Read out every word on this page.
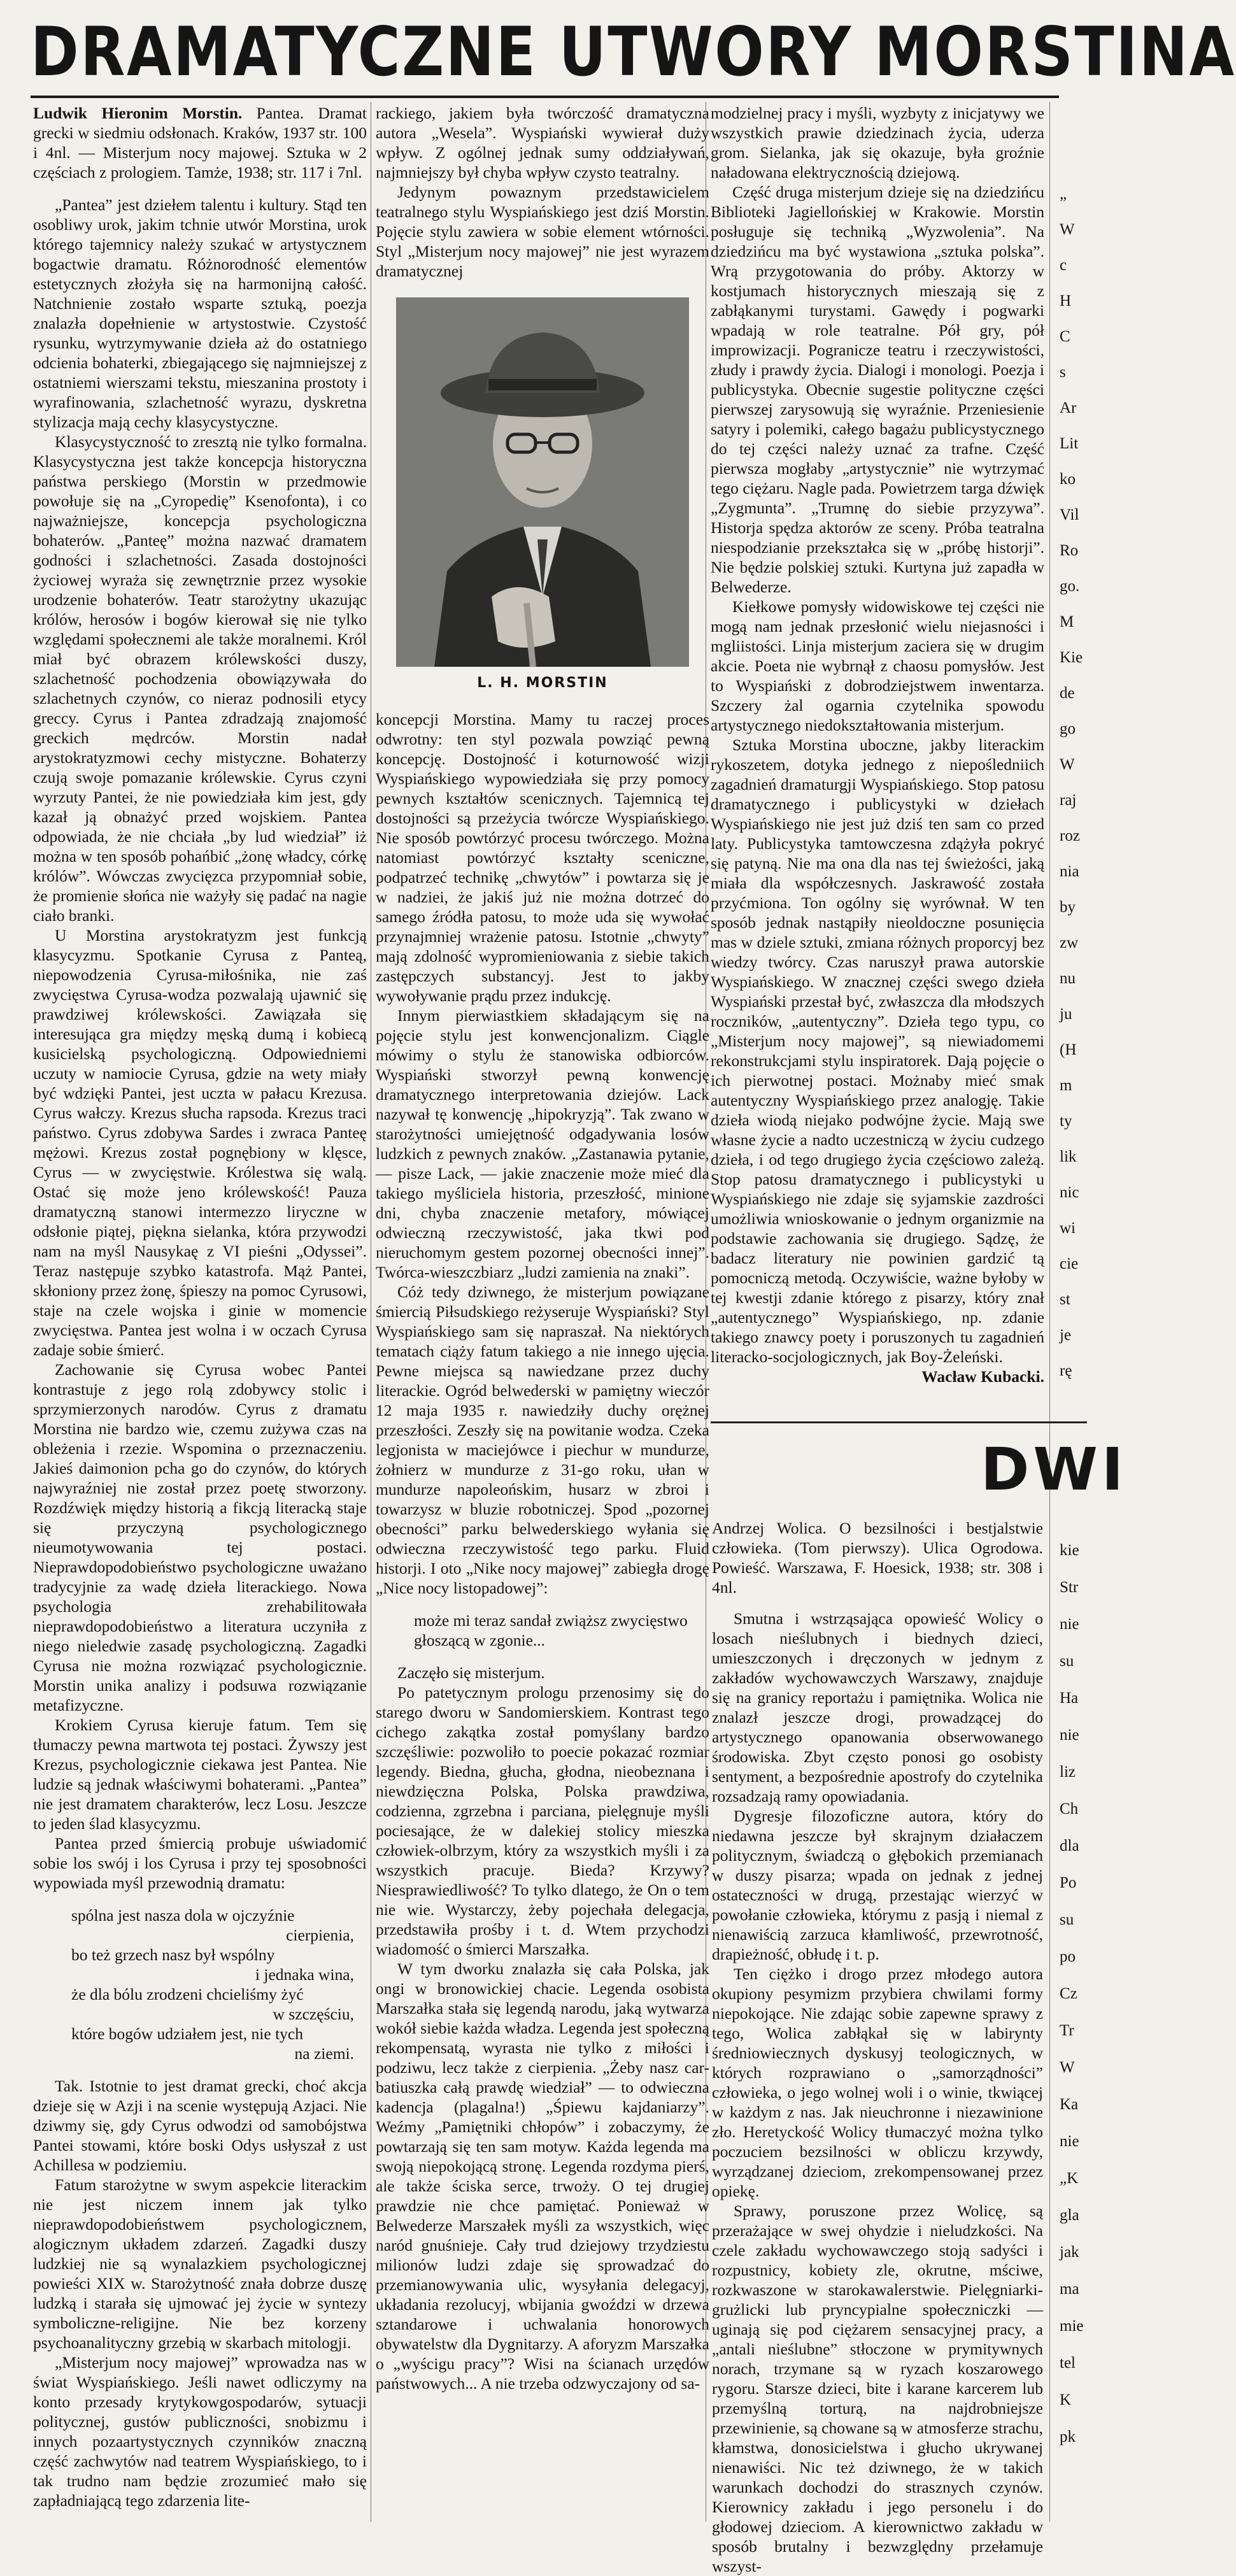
DRAMATYCZNE UTWORY MORSTINA

Ludwik Hieronim Morstin. Pantea. Dramat grecki w siedmiu odsłonach. Kraków, 1937 str. 100 i 4nl. — Misterjum nocy majowej. Sztuka w 2 częściach z prologiem. Tamże, 1938; str. 117 i 7nl.

„Pantea” jest dziełem talentu i kultury. Stąd ten osobliwy urok, jakim tchnie utwór Morstina, urok którego tajemnicy należy szukać w artystycznem bogactwie dramatu. Różnorodność elementów estetycznych złożyła się na harmonijną całość. Natchnienie zostało wsparte sztuką, poezja znalazła dopełnienie w artystostwie. Czystość rysunku, wytrzymywanie dzieła aż do ostatniego odcienia bohaterki, zbiegającego się najmniejszej z ostatniemi wierszami tekstu, mieszanina prostoty i wyrafinowania, szlachetność wyrazu, dyskretna stylizacja mają cechy klasycystyczne.

Klasycystyczność to zresztą nie tylko formalna. Klasycystyczna jest także koncepcja historyczna państwa perskiego (Morstin w przedmowie powołuje się na „Cyropedię” Ksenofonta), i co najważniejsze, koncepcja psychologiczna bohaterów. „Panteę” można nazwać dramatem godności i szlachetności. Zasada dostojności życiowej wyraża się zewnętrznie przez wysokie urodzenie bohaterów. Teatr starożytny ukazując królów, herosów i bogów kierował się nie tylko względami społecznemi ale także moralnemi. Król miał być obrazem królewskości duszy, szlachetność pochodzenia obowiązywała do szlachetnych czynów, co nieraz podnosili etycy greccy. Cyrus i Pantea zdradzają znajomość greckich mędrców. Morstin nadał arystokratyzmowi cechy mistyczne. Bohaterzy czują swoje pomazanie królewskie. Cyrus czyni wyrzuty Pantei, że nie powiedziała kim jest, gdy kazał ją obnażyć przed wojskiem. Pantea odpowiada, że nie chciała „by lud wiedział” iż można w ten sposób pohańbić „żonę władcy, córkę królów”. Wówczas zwycięzca przypomniał sobie, że promienie słońca nie ważyły się padać na nagie ciało branki.

U Morstina arystokratyzm jest funkcją klasycyzmu. Spotkanie Cyrusa z Panteą, niepowodzenia Cyrusa-miłośnika, nie zaś zwycięstwa Cyrusa-wodza pozwalają ujawnić się prawdziwej królewskości. Zawiązała się interesująca gra między męską dumą i kobiecą kusicielską psychologiczną. Odpowiedniemi uczuty w namiocie Cyrusa, gdzie na wety miały być wdzięki Pantei, jest uczta w pałacu Krezusa. Cyrus wałczy. Krezus słucha rapsoda. Krezus traci państwo. Cyrus zdobywa Sardes i zwraca Panteę mężowi. Krezus został pognębiony w klęsce, Cyrus — w zwycięstwie. Królestwa się walą. Ostać się może jeno królewskość! Pauza dramatyczną stanowi intermezzo liryczne w odsłonie piątej, piękna sielanka, która przywodzi nam na myśl Nausykaę z VI pieśni „Odyssei”. Teraz następuje szybko katastrofa. Mąż Pantei, skłoniony przez żonę, śpieszy na pomoc Cyrusowi, staje na czele wojska i ginie w momencie zwycięstwa. Pantea jest wolna i w oczach Cyrusa zadaje sobie śmierć.

Zachowanie się Cyrusa wobec Pantei kontrastuje z jego rolą zdobywcy stolic i sprzymierzonych narodów. Cyrus z dramatu Morstina nie bardzo wie, czemu zużywa czas na obleżenia i rzezie. Wspomina o przeznaczeniu. Jakieś daimonion pcha go do czynów, do których najwyraźniej nie został przez poetę stworzony. Rozdźwięk między historią a fikcją literacką staje się przyczyną psychologicznego nieumotywowania tej postaci. Nieprawdopodobieństwo psychologiczne uważano tradycyjnie za wadę dzieła literackiego. Nowa psychologia zrehabilitowała nieprawdopodobieństwo a literatura uczyniła z niego nieledwie zasadę psychologiczną. Zagadki Cyrusa nie można rozwiązać psychologicznie. Morstin unika analizy i podsuwa rozwiązanie metafizyczne.

Krokiem Cyrusa kieruje fatum. Tem się tłumaczy pewna martwota tej postaci. Żywszy jest Krezus, psychologicznie ciekawa jest Pantea. Nie ludzie są jednak właściwymi bohaterami. „Pantea” nie jest dramatem charakterów, lecz Losu. Jeszcze to jeden ślad klasycyzmu.

Pantea przed śmiercią probuje uświadomić sobie los swój i los Cyrusa i przy tej sposobności wypowiada myśl przewodnią dramatu:

spólna jest nasza dola w ojczyźnie
cierpienia,
bo też grzech nasz był wspólny
i jednaka wina,
że dla bólu zrodzeni chcieliśmy żyć
w szczęściu,
które bogów udziałem jest, nie tych
na ziemi.

Tak. Istotnie to jest dramat grecki, choć akcja dzieje się w Azji i na scenie występują Azjaci. Nie dziwmy się, gdy Cyrus odwodzi od samobójstwa Pantei stowami, które boski Odys usłyszał z ust Achillesa w podziemiu.

Fatum starożytne w swym aspekcie literackim nie jest niczem innem jak tylko nieprawdopodobieństwem psychologicznem, alogicznym układem zdarzeń. Zagadki duszy ludzkiej nie są wynalazkiem psychologicznej powieści XIX w. Starożytność znała dobrze duszę ludzką i starała się ujmować jej życie w syntezy symboliczne-religijne. Nie bez korzeny psychoanalityczny grzebią w skarbach mitologji.

„Misterjum nocy majowej” wprowadza nas w świat Wyspiańskiego. Jeśli nawet odliczymy na konto przesady krytykowgospodarów, sytuacji politycznej, gustów publiczności, snobizmu i innych pozaartystycznych czynników znaczną część zachwytów nad teatrem Wyspiańskiego, to i tak trudno nam będzie zrozumieć mało się zapładniającą tego zdarzenia lite-

rackiego, jakiem była twórczość dramatyczna autora „Wesela”. Wyspiański wywierał duży wpływ. Z ogólnej jednak sumy oddziaływań, najmniejszy był chyba wpływ czysto teatralny.

Jedynym powaznym przedstawicielem teatralnego stylu Wyspiańskiego jest dziś Morstin. Pojęcie stylu zawiera w sobie element wtórności. Styl „Misterjum nocy majowej” nie jest wyrazem dramatycznej

L. H. MORSTIN

koncepcji Morstina. Mamy tu raczej proces odwrotny: ten styl pozwala powziąć pewną koncepcję. Dostojność i koturnowość wizji Wyspiańskiego wypowiedziała się przy pomocy pewnych kształtów scenicznych. Tajemnicą tej dostojności są przeżycia twórcze Wyspiańskiego. Nie sposób powtórzyć procesu twórczego. Można natomiast powtórzyć kształty sceniczne, podpatrzeć technikę „chwytów” i powtarza się je w nadziei, że jakiś już nie można dotrzeć do samego źródła patosu, to może uda się wywołać przynajmniej wrażenie patosu. Istotnie „chwyty” mają zdolność wypromieniowania z siebie takich zastępczych substancyj. Jest to jakby wywoływanie prądu przez indukcję.

Innym pierwiastkiem składającym się na pojęcie stylu jest konwencjonalizm. Ciągle mówimy o stylu że stanowiska odbiorców. Wyspiański stworzył pewną konwencję dramatycznego interpretowania dziejów. Lack nazywał tę konwencję „hipokryzją”. Tak zwano w starożytności umiejętność odgadywania losów ludzkich z pewnych znaków. „Zastanawia pytanie, — pisze Lack, — jakie znaczenie może mieć dla takiego myśliciela historia, przeszłość, minione dni, chyba znaczenie metafory, mówiącej odwieczną rzeczywistość, jaka tkwi pod nieruchomym gestem pozornej obecności innej”. Twórca-wieszczbiarz „ludzi zamienia na znaki”.

Cóż tedy dziwnego, że misterjum powiązane śmiercią Piłsudskiego reżyseruje Wyspiański? Styl Wyspiańskiego sam się napraszał. Na niektórych tematach ciąży fatum takiego a nie innego ujęcia. Pewne miejsca są nawiedzane przez duchy literackie. Ogród belwederski w pamiętny wieczór 12 maja 1935 r. nawiedziły duchy orężnej przeszłości. Zeszły się na powitanie wodza. Czeka legjonista w maciejówce i piechur w mundurze, żołnierz w mundurze z 31-go roku, ułan w mundurze napoleońskim, husarz w zbroi i towarzysz w bluzie robotniczej. Spod „pozornej obecności” parku belwederskiego wyłania się odwieczna rzeczywistość tego parku. Fluid historji. I oto „Nike nocy majowej” zabiegła drogę „Nice nocy listopadowej”:

może mi teraz sandał zwiąższ zwycięstwo głoszącą w zgonie...

Zaczęło się misterjum.

Po patetycznym prologu przenosimy się do starego dworu w Sandomierskiem. Kontrast tego cichego zakątka został pomyślany bardzo szczęśliwie: pozwoliło to poecie pokazać rozmiar legendy. Biedna, głucha, głodna, nieobeznana i niewdzięczna Polska, Polska prawdziwa, codzienna, zgrzebna i parciana, pielęgnuje myśli pociesające, że w dalekiej stolicy mieszka człowiek-olbrzym, który za wszystkich myśli i za wszystkich pracuje. Bieda? Krzywy? Niesprawiedliwość? To tylko dlatego, że On o tem nie wie. Wystarczy, żeby pojechała delegacja, przedstawiła prośby i t. d. Wtem przychodzi wiadomość o śmierci Marszałka.

W tym dworku znalazła się cała Polska, jak ongi w bronowickiej chacie. Legenda osobista Marszałka stała się legendą narodu, jaką wytwarza wokół siebie każda władza. Legenda jest społeczną rekompensatą, wyrasta nie tylko z miłości i podziwu, lecz także z cierpienia. „Żeby nasz car-batiuszka całą prawdę wiedział” — to odwieczna kadencja (plagalna!) „Śpiewu kajdaniarzy”. Weźmy „Pamiętniki chłopów” i zobaczymy, że powtarzają się ten sam motyw. Każda legenda ma swoją niepokojącą stronę. Legenda rozdyma pierś, ale także ściska serce, trwoży. O tej drugiej prawdzie nie chce pamiętać. Ponieważ w Belwederze Marszałek myśli za wszystkich, więc naród gnuśnieje. Cały trud dziejowy trzydziestu milionów ludzi zdaje się sprowadzać do przemianowywania ulic, wysyłania delegacyj, układania rezolucyj, wbijania gwoździ w drzewa sztandarowe i uchwalania honorowych obywatelstw dla Dygnitarzy. A aforyzm Marszałka o „wyścigu pracy”? Wisi na ścianach urzędów państwowych... A nie trzeba odzwyczajony od sa-

modzielnej pracy i myśli, wyzbyty z inicjatywy we wszystkich prawie dziedzinach życia, uderza grom. Sielanka, jak się okazuje, była groźnie naładowana elektrycznością dziejową.

Część druga misterjum dzieje się na dziedzińcu Biblioteki Jagiellońskiej w Krakowie. Morstin posługuje się techniką „Wyzwolenia”. Na dziedzińcu ma być wystawiona „sztuka polska”. Wrą przygotowania do próby. Aktorzy w kostjumach historycznych mieszają się z zabłąkanymi turystami. Gawędy i pogwarki wpadają w role teatralne. Pół gry, pół improwizacji. Pogranicze teatru i rzeczywistości, złudy i prawdy życia. Dialogi i monologi. Poezja i publicystyka. Obecnie sugestie polityczne części pierwszej zarysowują się wyraźnie. Przeniesienie satyry i polemiki, całego bagażu publicystycznego do tej części należy uznać za trafne. Część pierwsza mogłaby „artystycznie” nie wytrzymać tego ciężaru. Nagle pada. Powietrzem targa dźwięk „Zygmunta”. „Trumnę do siebie przyzywa”. Historja spędza aktorów ze sceny. Próba teatralna niespodzianie przekształca się w „próbę historji”. Nie będzie polskiej sztuki. Kurtyna już zapadła w Belwederze.

Kiełkowe pomysły widowiskowe tej części nie mogą nam jednak przesłonić wielu niejasności i mgliistości. Linja misterjum zaciera się w drugim akcie. Poeta nie wybrnął z chaosu pomysłów. Jest to Wyspiański z dobrodziejstwem inwentarza. Szczery żal ogarnia czytelnika spowodu artystycznego niedokształtowania misterjum.

Sztuka Morstina uboczne, jakby literackim rykoszetem, dotyka jednego z niepośledniich zagadnień dramaturgji Wyspiańskiego. Stop patosu dramatycznego i publicystyki w dziełach Wyspiańskiego nie jest już dziś ten sam co przed laty. Publicystyka tamtowczesna zdążyła pokryć się patyną. Nie ma ona dla nas tej świeżości, jaką miała dla współczesnych. Jaskrawość została przyćmiona. Ton ogólny się wyrównał. W ten sposób jednak nastąpiły nieoldoczne posunięcia mas w dziele sztuki, zmiana różnych proporcyj bez wiedzy twórcy. Czas naruszył prawa autorskie Wyspiańskiego. W znacznej części swego dzieła Wyspiański przestał być, zwłaszcza dla młodszych roczników, „autentyczny”. Dzieła tego typu, co „Misterjum nocy majowej”, są niewiadomemi rekonstrukcjami stylu inspiratorek. Dają pojęcie o ich pierwotnej postaci. Możnaby mieć smak autentyczny Wyspiańskiego przez analogję. Takie dzieła wiodą niejako podwójne życie. Mają swe własne życie a nadto uczestniczą w życiu cudzego dzieła, i od tego drugiego życia częściowo zależą. Stop patosu dramatycznego i publicystyki u Wyspiańskiego nie zdaje się syjamskie zazdrości umożliwia wnioskowanie o jednym organizmie na podstawie zachowania się drugiego. Sądzę, że badacz literatury nie powinien gardzić tą pomocniczą metodą. Oczywiście, ważne byłoby w tej kwestji zdanie którego z pisarzy, który znał „autentycznego” Wyspiańskiego, np. zdanie takiego znawcy poety i poruszonych tu zagadnień literacko-socjologicznych, jak Boy-Żeleński.

Wacław Kubacki.

DWI

Andrzej Wolica. O bezsilności i bestjalstwie człowieka. (Tom pierwszy). Ulica Ogrodowa. Powieść. Warszawa, F. Hoesick, 1938; str. 308 i 4nl.

Smutna i wstrząsająca opowieść Wolicy o losach nieślubnych i biednych dzieci, umieszczonych i dręczonych w jednym z zakładów wychowawczych Warszawy, znajduje się na granicy reportażu i pamiętnika. Wolica nie znalazł jeszcze drogi, prowadzącej do artystycznego opanowania obserwowanego środowiska. Zbyt często ponosi go osobisty sentyment, a bezpośrednie apostrofy do czytelnika rozsadzają ramy opowiadania.

Dygresje filozoficzne autora, który do niedawna jeszcze był skrajnym działaczem politycznym, świadczą o głębokich przemianach w duszy pisarza; wpada on jednak z jednej ostateczności w drugą, przestając wierzyć w powołanie człowieka, którymu z pasją i niemal z nienawiścią zarzuca kłamliwość, przewrotność, drapieżność, obłudę i t. p.

Ten ciężko i drogo przez młodego autora okupiony pesymizm przybiera chwilami formy niepokojące. Nie zdając sobie zapewne sprawy z tego, Wolica zabłąkał się w labirynty średniowiecznych dyskusyj teologicznych, w których rozprawiano o „samorządności” człowieka, o jego wolnej woli i o winie, tkwiącej w każdym z nas. Jak nieuchronne i niezawinione zło. Heretyckość Wolicy tłumaczyć można tylko poczuciem bezsilności w obliczu krzywdy, wyrządzanej dzieciom, zrekompensowanej przez opiekę.

Sprawy, poruszone przez Wolicę, są przerażające w swej ohydzie i nieludzkości. Na czele zakładu wychowawczego stoją sadyści i rozpustnicy, kobiety zle, okrutne, mściwe, rozkwaszone w starokawalerstwie. Pielęgniarki-grużlicki lub pryncypialne społeczniczki — uginają się pod ciężarem sensacyjnej pracy, a „antali nieślubne” stłoczone w prymitywnych norach, trzymane są w ryzach koszarowego rygoru. Starsze dzieci, bite i karane karcerem lub przemyślną torturą, na najdrobniejsze przewinienie, są chowane są w atmosferze strachu, kłamstwa, donosicielstwa i głucho ukrywanej nienawiści. Nic też dziwnego, że w takich warunkach dochodzi do strasznych czynów. Kierownicy zakładu i jego personelu i do głodowej dzieciom. A kierownictwo zakładu w sposób brutalny i bezwzględny przełamuje wszyst-

„
W
c
H
C
s
Ar
Lit
ko
Vil
Ro
go.
M
Kie
de
go
W
raj
roz
nia
by
zw
nu
ju
(H
m
ty
lik
nic
wi
cie
st
je
rę
kie
Str
nie
su
Ha
nie
liz
Ch
dla
Po
su
po
Cz
Tr
W
Ka
nie
„K
gla
jak
ma
mie
tel
K
pk
